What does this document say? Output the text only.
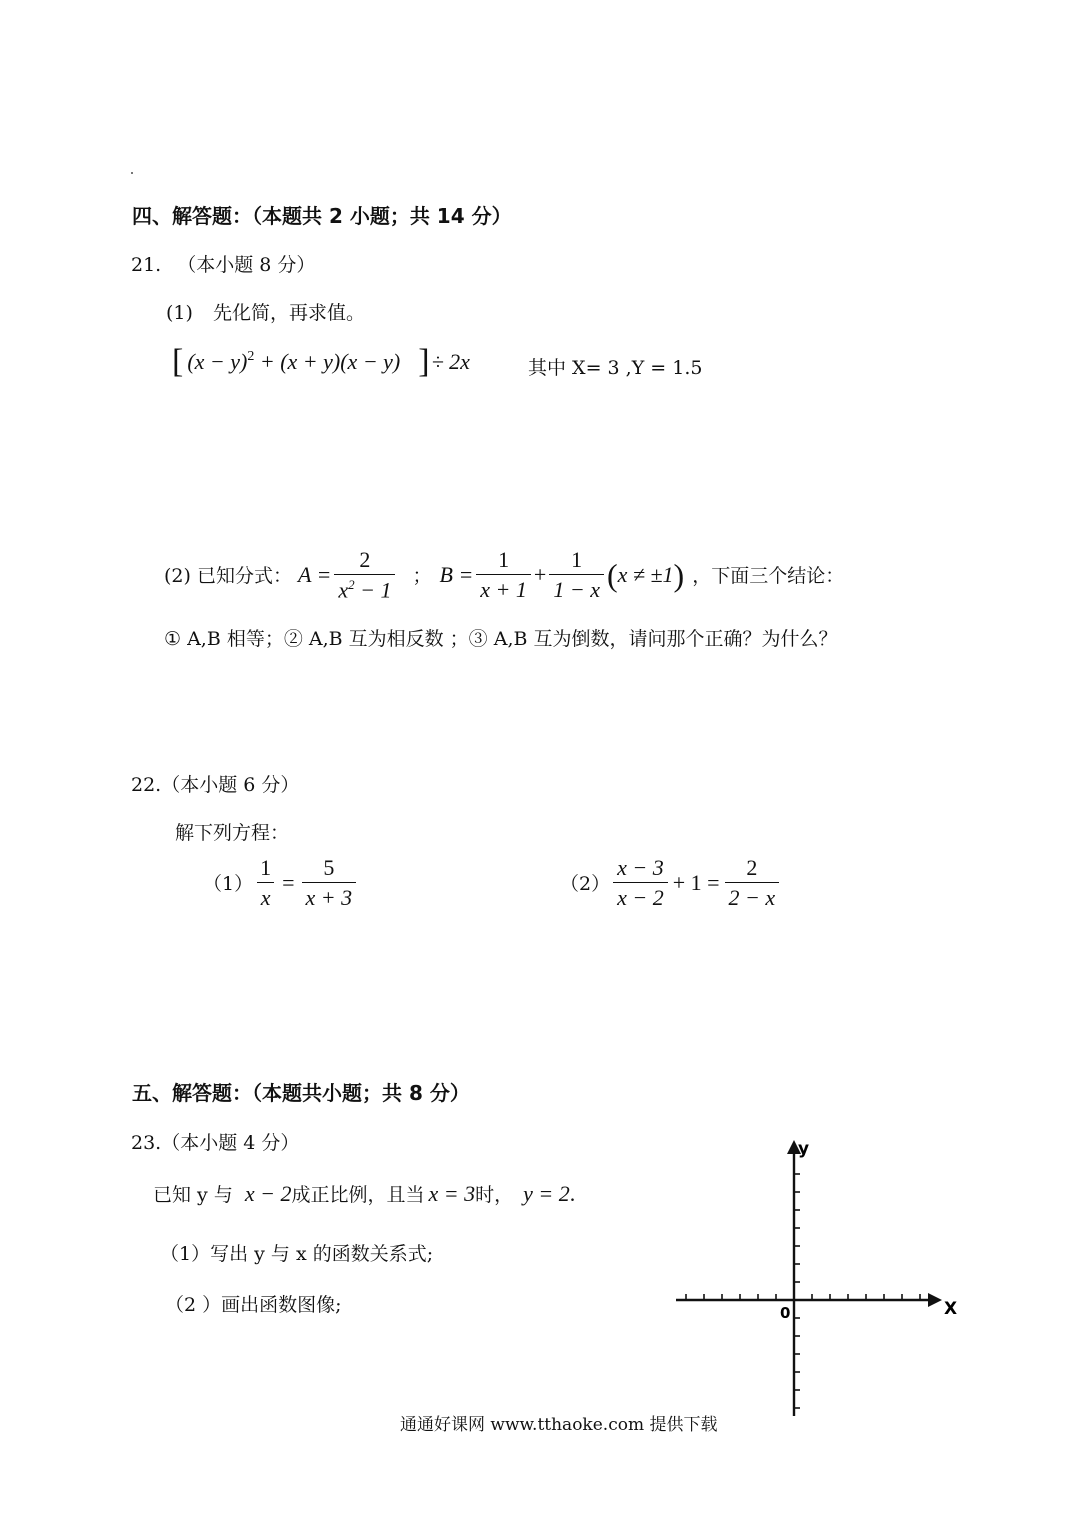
四、解答题：（本题共 2 小题；共 14 分）
21. （本小题 8 分）
(1) 先化简，再求值。
[ $(x - y)^2 + (x + y)(x - y)$ ] ÷ 2x	其中 X= 3 ,Y = 1.5
(2) 已知分式： $A = \frac{2}{x^2 - 1}$ ； $B = \frac{1}{x + 1} + \frac{1}{1 - x}$ ( x ≠ ±1 ) ，下面三个结论：
① A,B 相等；② A,B 互为相反数 ；③ A,B 互为倒数，请问那个正确？为什么？
22.（本小题 6 分）
解下列方程：
$(1) \frac{1}{x} = \frac{5}{x + 3}$	$(2) \frac{x - 3}{x - 2} + 1 = \frac{2}{2 - x}$
五、解答题：（本题共小题；共 8 分）
23.（本小题 4 分）
已知 y 与 x − 2 成正比例，且当 x = 3 时， y = 2 .
（1）写出 y 与 x 的函数关系式;
（2 ）画出函数图像;	X
y
0
通通好课网 www.tthaoke.com 提供下载
